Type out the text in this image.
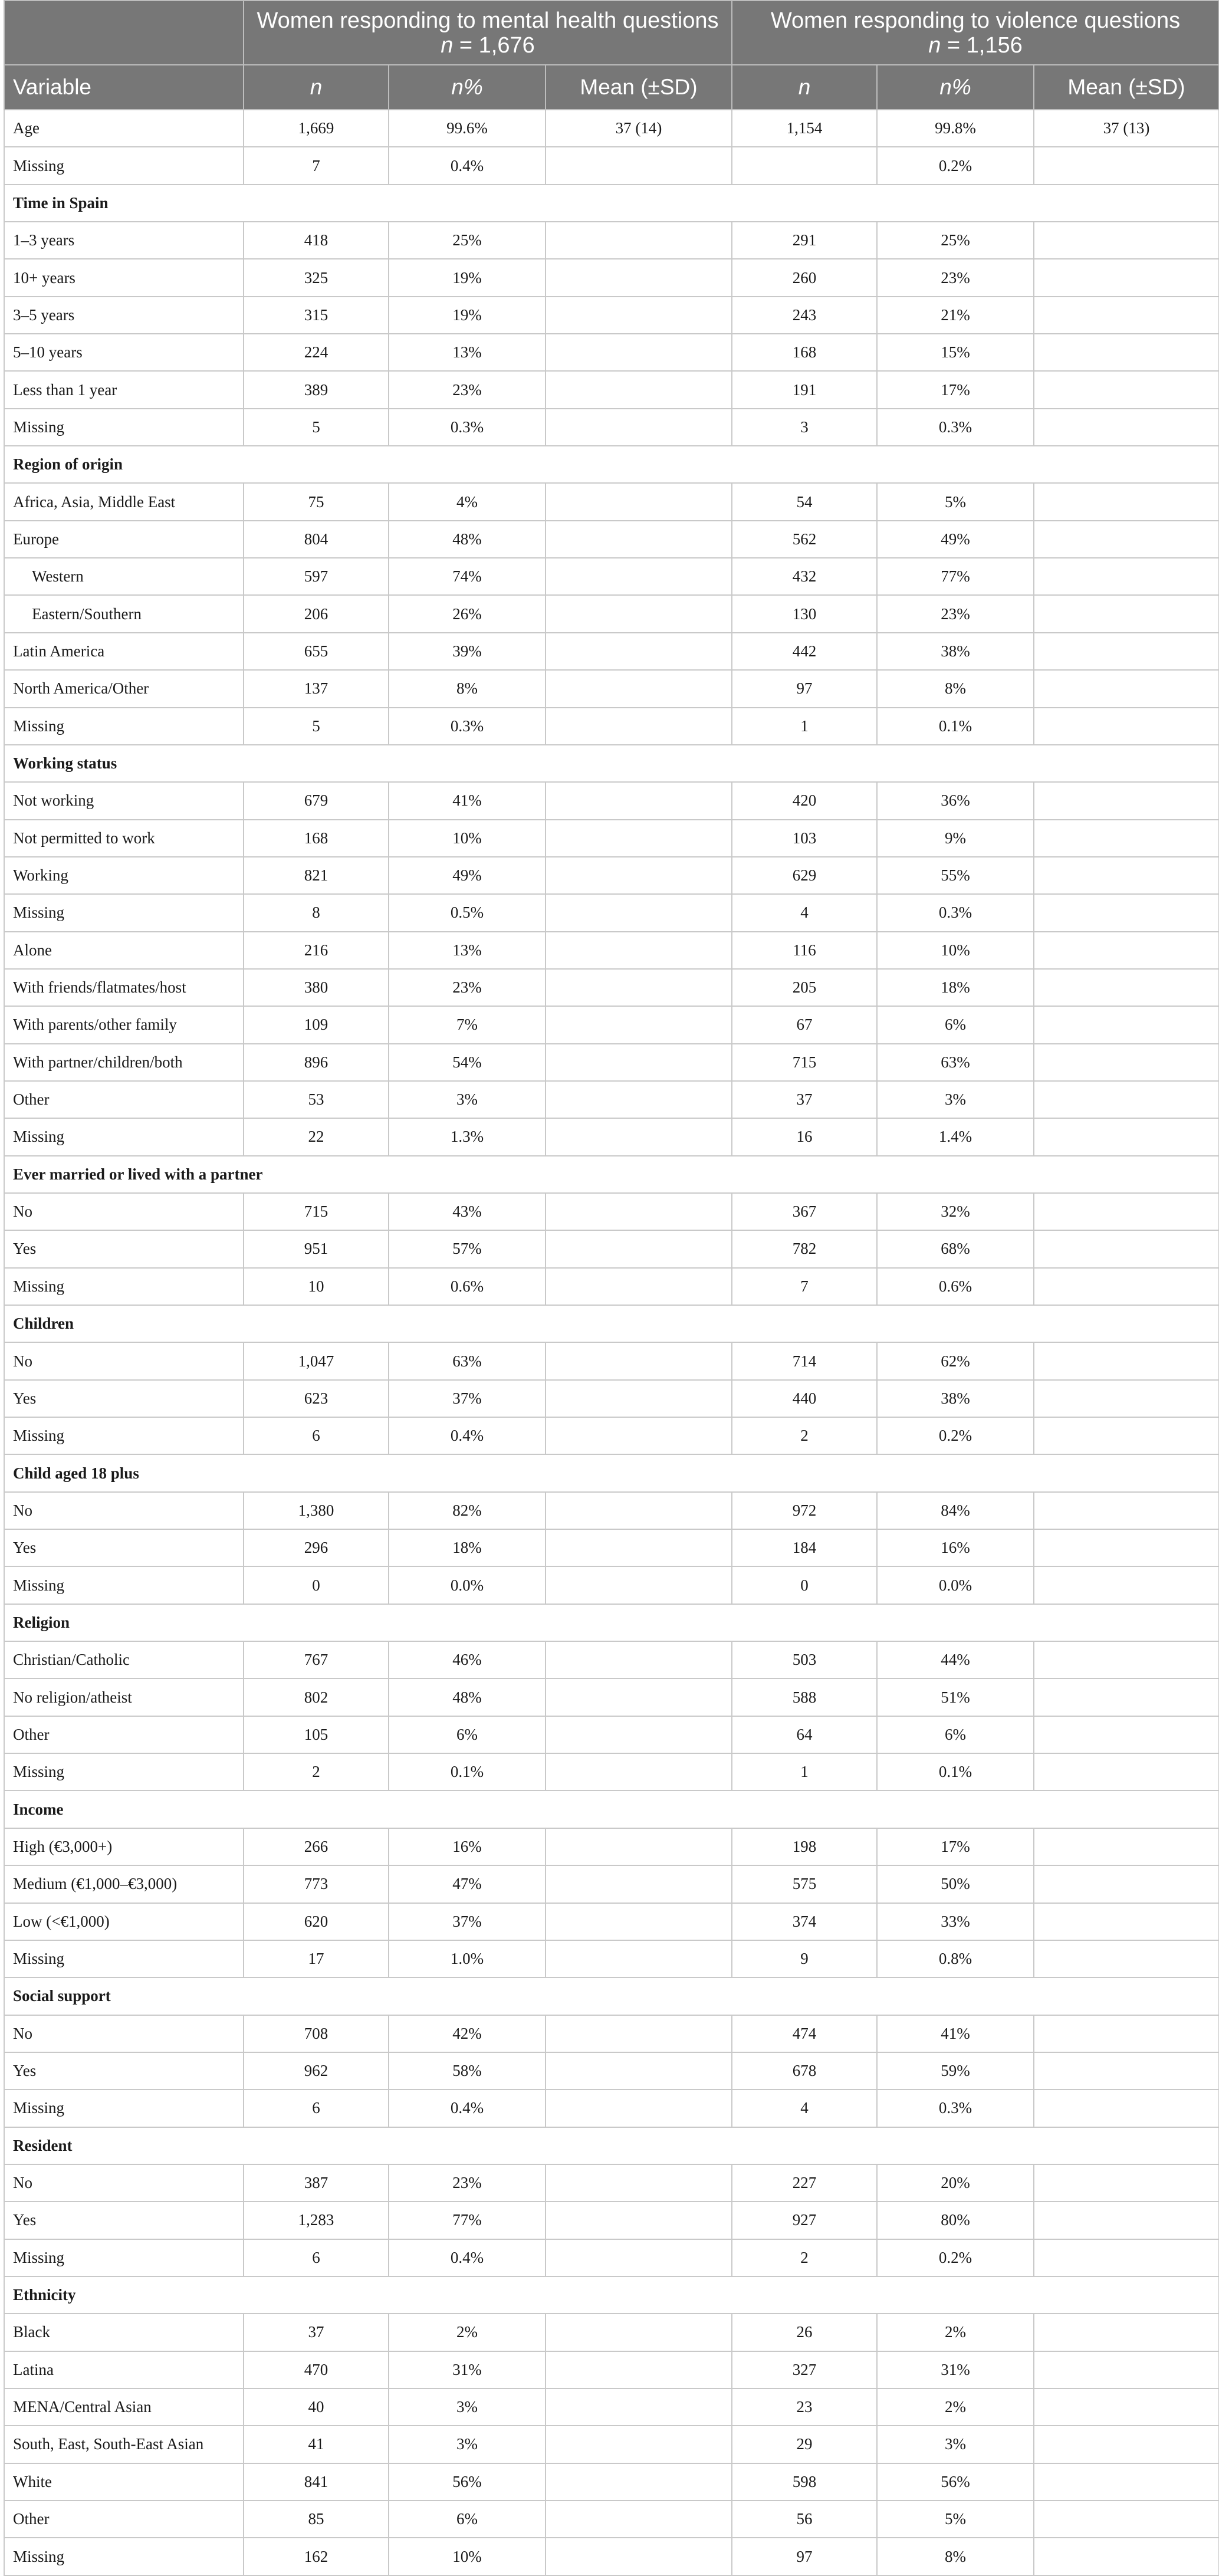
	Women responding to mental health questions
n = 1,676			Women responding to violence questions
n = 1,156		
Variable	n	n%	Mean (±SD)	n	n%	Mean (±SD)
Age	1,669	99.6%	37 (14)	1,154	99.8%	37 (13)
Missing	7	0.4%			0.2%	
Time in Spain						
1–3 years	418	25%		291	25%	
10+ years	325	19%		260	23%	
3–5 years	315	19%		243	21%	
5–10 years	224	13%		168	15%	
Less than 1 year	389	23%		191	17%	
Missing	5	0.3%		3	0.3%	
Region of origin						
Africa, Asia, Middle East	75	4%		54	5%	
Europe	804	48%		562	49%	
Western	597	74%		432	77%	
Eastern/Southern	206	26%		130	23%	
Latin America	655	39%		442	38%	
North America/Other	137	8%		97	8%	
Missing	5	0.3%		1	0.1%	
Working status						
Not working	679	41%		420	36%	
Not permitted to work	168	10%		103	9%	
Working	821	49%		629	55%	
Missing	8	0.5%		4	0.3%	
Alone	216	13%		116	10%	
With friends/flatmates/host	380	23%		205	18%	
With parents/other family	109	7%		67	6%	
With partner/children/both	896	54%		715	63%	
Other	53	3%		37	3%	
Missing	22	1.3%		16	1.4%	
Ever married or lived with a partner						
No	715	43%		367	32%	
Yes	951	57%		782	68%	
Missing	10	0.6%		7	0.6%	
Children						
No	1,047	63%		714	62%	
Yes	623	37%		440	38%	
Missing	6	0.4%		2	0.2%	
Child aged 18 plus						
No	1,380	82%		972	84%	
Yes	296	18%		184	16%	
Missing	0	0.0%		0	0.0%	
Religion						
Christian/Catholic	767	46%		503	44%	
No religion/atheist	802	48%		588	51%	
Other	105	6%		64	6%	
Missing	2	0.1%		1	0.1%	
Income						
High (€3,000+)	266	16%		198	17%	
Medium (€1,000–€3,000)	773	47%		575	50%	
Low (<€1,000)	620	37%		374	33%	
Missing	17	1.0%		9	0.8%	
Social support						
No	708	42%		474	41%	
Yes	962	58%		678	59%	
Missing	6	0.4%		4	0.3%	
Resident						
No	387	23%		227	20%	
Yes	1,283	77%		927	80%	
Missing	6	0.4%		2	0.2%	
Ethnicity						
Black	37	2%		26	2%	
Latina	470	31%		327	31%	
MENA/Central Asian	40	3%		23	2%	
South, East, South-East Asian	41	3%		29	3%	
White	841	56%		598	56%	
Other	85	6%		56	5%	
Missing	162	10%		97	8%	
